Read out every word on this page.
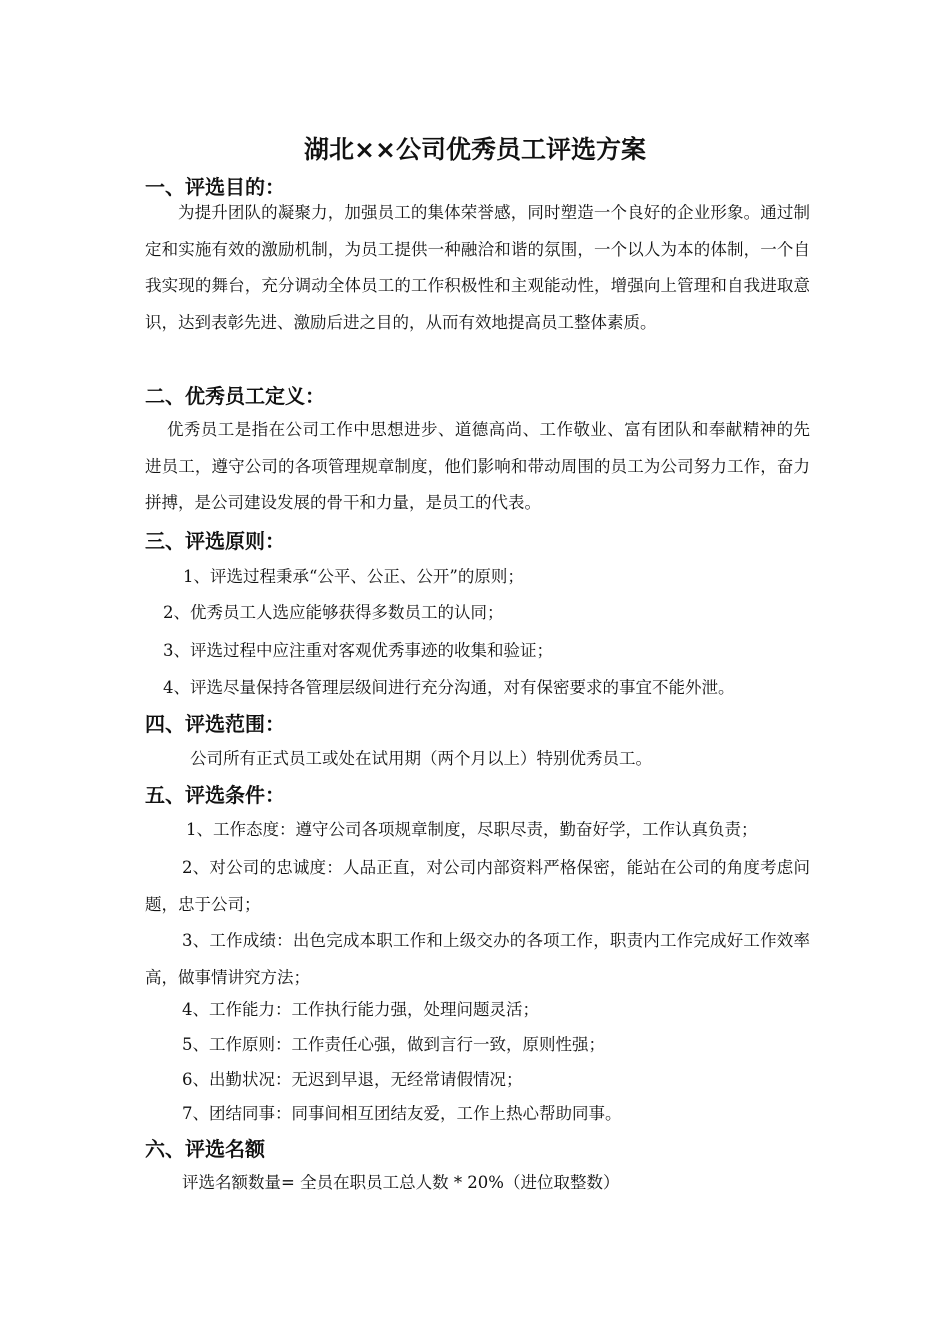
湖北××公司优秀员工评选方案
一、评选目的：

为提升团队的凝聚力，加强员工的集体荣誉感，同时塑造一个良好的企业形象。通过制定和实施有效的激励机制，为员工提供一种融洽和谐的氛围，一个以人为本的体制，一个自我实现的舞台，充分调动全体员工的工作积极性和主观能动性，增强向上管理和自我进取意识，达到表彰先进、激励后进之目的，从而有效地提高员工整体素质。

二、优秀员工定义：

优秀员工是指在公司工作中思想进步、道德高尚、工作敬业、富有团队和奉献精神的先进员工，遵守公司的各项管理规章制度，他们影响和带动周围的员工为公司努力工作，奋力拼搏，是公司建设发展的骨干和力量，是员工的代表。

三、评选原则：
1、评选过程秉承“公平、公正、公开”的原则；
2、优秀员工人选应能够获得多数员工的认同；
3、评选过程中应注重对客观优秀事迹的收集和验证；
4、评选尽量保持各管理层级间进行充分沟通，对有保密要求的事宜不能外泄。
四、评选范围：
公司所有正式员工或处在试用期（两个月以上）特别优秀员工。
五、评选条件：
1、工作态度：遵守公司各项规章制度，尽职尽责，勤奋好学，工作认真负责；

2、对公司的忠诚度：人品正直，对公司内部资料严格保密，能站在公司的角度考虑问题，忠于公司；

3、工作成绩：出色完成本职工作和上级交办的各项工作，职责内工作完成好工作效率高，做事情讲究方法；

4、工作能力：工作执行能力强，处理问题灵活；
5、工作原则：工作责任心强，做到言行一致，原则性强；
6、出勤状况：无迟到早退，无经常请假情况；
7、团结同事：同事间相互团结友爱，工作上热心帮助同事。
六、评选名额
评选名额数量= 全员在职员工总人数 * 20%（进位取整数）
